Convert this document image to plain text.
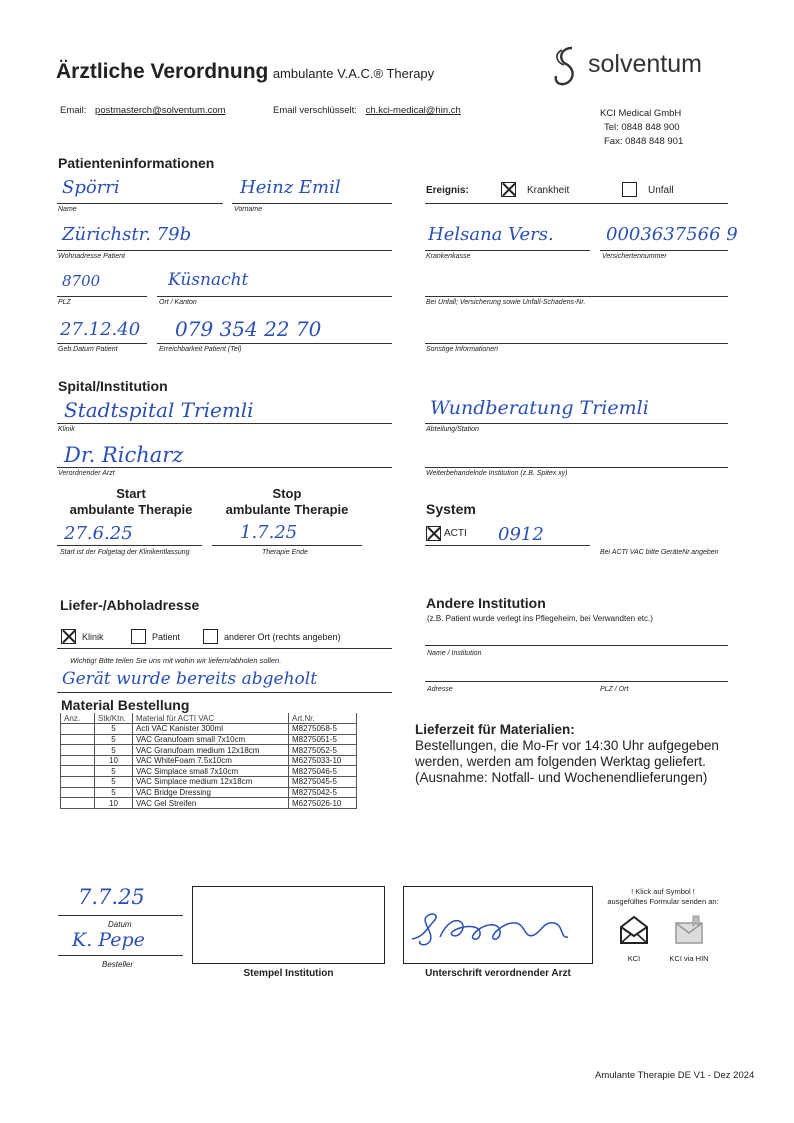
Ärztliche Verordnung ambulante V.A.C.® Therapy	solventum
Email: postmasterch@solventum.com	Email verschlüsselt: ch.kci-medical@hin.ch	KCI Medical GmbH
Tel: 0848 848 900
Fax: 0848 848 901
Patienteninformationen
Spörri
Name
Heinz Emil
Vorname
Ereignis:	Krankheit	Unfall
Zürichstr. 79b
Wohnadresse Patient
Helsana Vers.
Krankenkasse
0003637566 9
Versichertennummer
8700
PLZ
Küsnacht
Ort / Kanton	Bei Unfall; Versicherung sowie Unfall-Schadens-Nr.
27.12.40
Geb.Datum Patient
079 354 22 70
Erreichbarkeit Patient (Tel)	Sonstige Informationen
Spital/Institution
Stadtspital Triemli
Klinik
Wundberatung Triemli
Abteilung/Station
Dr. Richarz
Verordnender Arzt	Weiterbehandelnde Institution (z.B. Spitex xy)
Start
ambulante Therapie
Stop
ambulante Therapie
27.6.25
Start ist der Folgetag der Klinikentlassung
1.7.25
Therapie Ende
System
ACTI 0912
Bei ACTI VAC bitte GeräteNr.angeben
Liefer-/Abholadresse
Klinik	Patient	anderer Ort (rechts angeben)
Wichtig! Bitte teilen Sie uns mit wohin wir liefern/abholen sollen.
Gerät wurde bereits abgeholt
Andere Institution
(z.B. Patient wurde verlegt ins Pflegeheim, bei Verwandten etc.)
Name / Institution
Adresse	PLZ / Ort
Material Bestellung
Anz.	Stk/Ktn.	Material für ACTI VAC	Art.Nr.
	5	Acti VAC Kanister 300ml	M8275058-5
	5	VAC Granufoam small 7x10cm	M8275051-5
	5	VAC Granufoam medium 12x18cm	M8275052-5
	10	VAC WhiteFoam 7.5x10cm	M6275033-10
	5	VAC Simplace small 7x10cm	M8275046-5
	5	VAC Simplace medium 12x18cm	M8275045-5
	5	VAC Bridge Dressing	M8275042-5
	10	VAC Gel Streifen	M6275026-10
Lieferzeit für Materialien:
Bestellungen, die Mo-Fr vor 14:30 Uhr aufgegeben
werden, werden am folgenden Werktag geliefert.
(Ausnahme: Notfall- und Wochenendlieferungen)
7.7.25
Datum
K. Pepe
Besteller
Stempel Institution	Unterschrift verordnender Arzt
! Klick auf Symbol !
ausgefülltes Formular senden an:
KCI	KCI via HIN
Amulante Therapie DE V1 - Dez 2024
